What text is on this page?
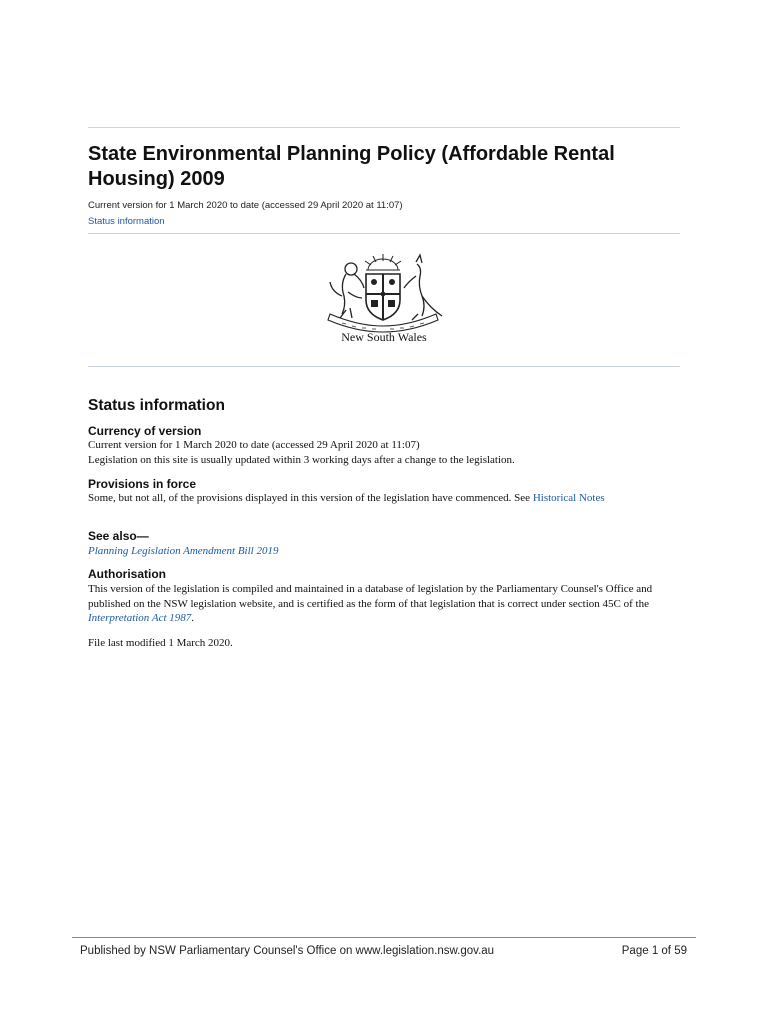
State Environmental Planning Policy (Affordable Rental Housing) 2009
Current version for 1 March 2020 to date (accessed 29 April 2020 at 11:07)
Status information
New South Wales
Status information
Currency of version
Current version for 1 March 2020 to date (accessed 29 April 2020 at 11:07)
Legislation on this site is usually updated within 3 working days after a change to the legislation.
Provisions in force
Some, but not all, of the provisions displayed in this version of the legislation have commenced. See Historical Notes
See also—
Planning Legislation Amendment Bill 2019
Authorisation
This version of the legislation is compiled and maintained in a database of legislation by the Parliamentary Counsel's Office and published on the NSW legislation website, and is certified as the form of that legislation that is correct under section 45C of the Interpretation Act 1987.
File last modified 1 March 2020.
Published by NSW Parliamentary Counsel's Office on www.legislation.nsw.gov.au	Page 1 of 59
